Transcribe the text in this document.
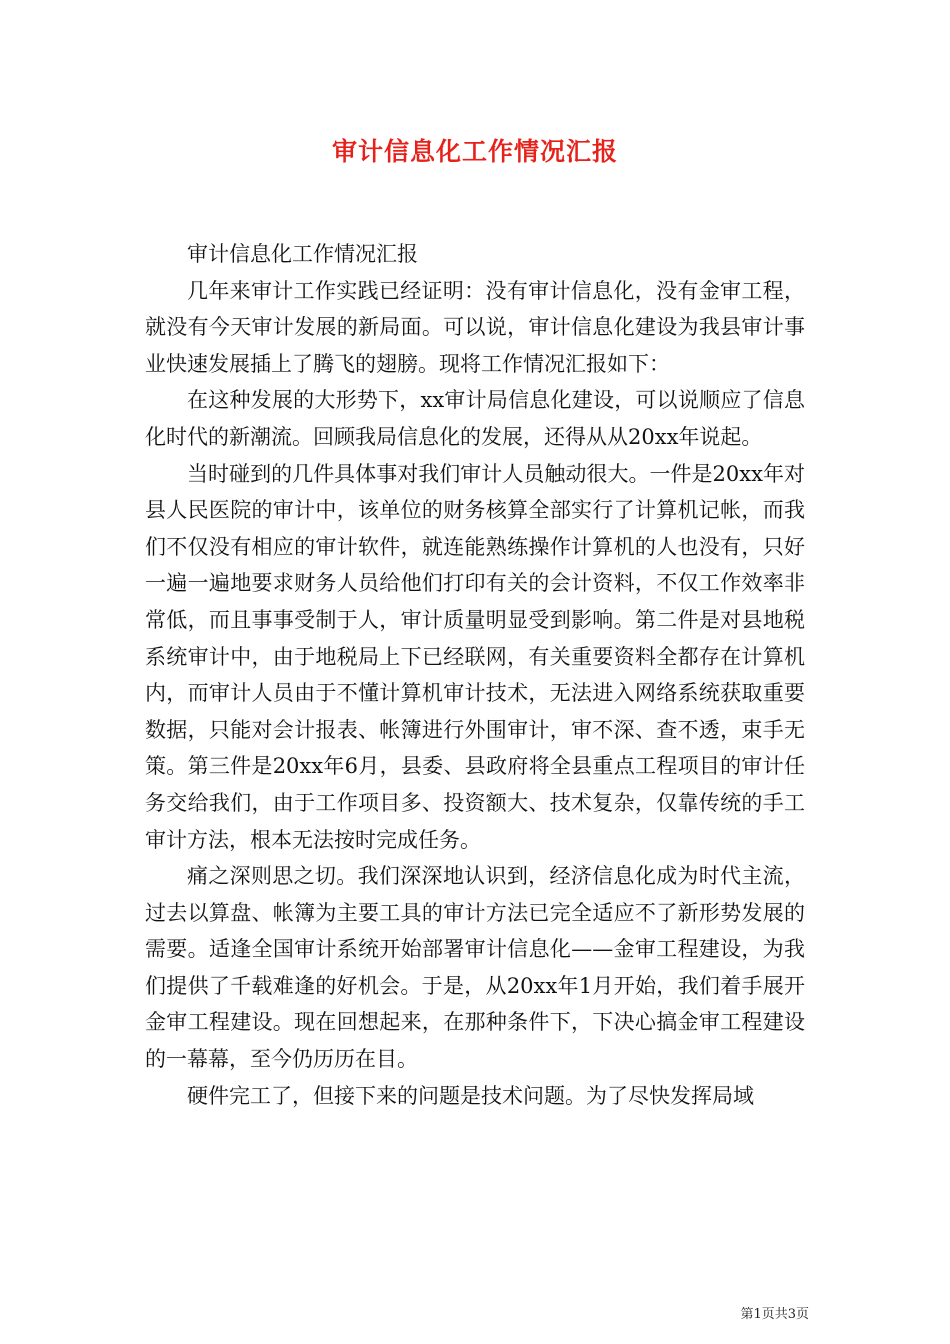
审计信息化工作情况汇报

审计信息化工作情况汇报

几年来审计工作实践已经证明：没有审计信息化，没有金审工程，就没有今天审计发展的新局面。可以说，审计信息化建设为我县审计事业快速发展插上了腾飞的翅膀。现将工作情况汇报如下：

在这种发展的大形势下，xx审计局信息化建设，可以说顺应了信息化时代的新潮流。回顾我局信息化的发展，还得从从20xx年说起。

当时碰到的几件具体事对我们审计人员触动很大。一件是20xx年对县人民医院的审计中，该单位的财务核算全部实行了计算机记帐，而我们不仅没有相应的审计软件，就连能熟练操作计算机的人也没有，只好一遍一遍地要求财务人员给他们打印有关的会计资料，不仅工作效率非常低，而且事事受制于人，审计质量明显受到影响。第二件是对县地税系统审计中，由于地税局上下已经联网，有关重要资料全都存在计算机内，而审计人员由于不懂计算机审计技术，无法进入网络系统获取重要数据，只能对会计报表、帐簿进行外围审计，审不深、查不透，束手无策。第三件是20xx年6月，县委、县政府将全县重点工程项目的审计任务交给我们，由于工作项目多、投资额大、技术复杂，仅靠传统的手工审计方法，根本无法按时完成任务。

痛之深则思之切。我们深深地认识到，经济信息化成为时代主流，过去以算盘、帐簿为主要工具的审计方法已完全适应不了新形势发展的需要。适逢全国审计系统开始部署审计信息化——金审工程建设，为我们提供了千载难逢的好机会。于是，从20xx年1月开始，我们着手展开金审工程建设。现在回想起来，在那种条件下，下决心搞金审工程建设的一幕幕，至今仍历历在目。

硬件完工了，但接下来的问题是技术问题。为了尽快发挥局域

第1页共3页
